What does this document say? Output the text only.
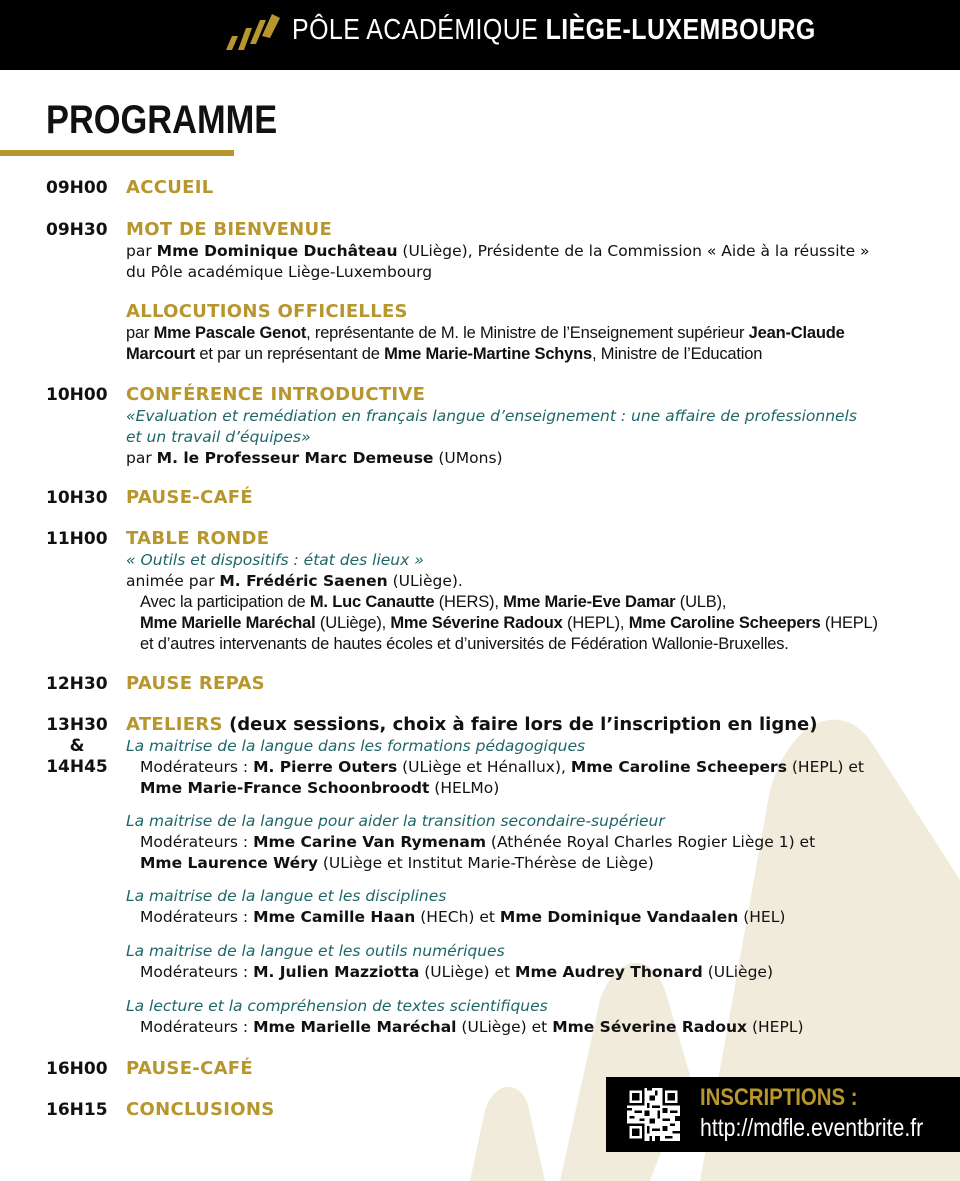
PÔLE ACADÉMIQUE LIÈGE-LUXEMBOURG
PROGRAMME
09H00 ACCUEIL
09H30 MOT DE BIENVENUE
par Mme Dominique Duchâteau (ULiège), Présidente de la Commission « Aide à la réussite »
du Pôle académique Liège-Luxembourg
ALLOCUTIONS OFFICIELLES
par Mme Pascale Genot, représentante de M. le Ministre de l’Enseignement supérieur Jean-Claude
Marcourt et par un représentant de Mme Marie-Martine Schyns, Ministre de l’Education
10H00 CONFÉRENCE INTRODUCTIVE
«Evaluation et remédiation en français langue d’enseignement : une affaire de professionnels
et un travail d’équipes»
par M. le Professeur Marc Demeuse (UMons)
10H30 PAUSE-CAFÉ
11H00 TABLE RONDE
« Outils et dispositifs : état des lieux »
animée par M. Frédéric Saenen (ULiège).
Avec la participation de M. Luc Canautte (HERS), Mme Marie-Eve Damar (ULB),
Mme Marielle Maréchal (ULiège), Mme Séverine Radoux (HEPL), Mme Caroline Scheepers (HEPL)
et d’autres intervenants de hautes écoles et d’universités de Fédération Wallonie-Bruxelles.
12H30 PAUSE REPAS
13H30
&
14H45
ATELIERS (deux sessions, choix à faire lors de l’inscription en ligne)
La maitrise de la langue dans les formations pédagogiques
Modérateurs : M. Pierre Outers (ULiège et Hénallux), Mme Caroline Scheepers (HEPL) et
Mme Marie-France Schoonbroodt (HELMo)
La maitrise de la langue pour aider la transition secondaire-supérieur
Modérateurs : Mme Carine Van Rymenam (Athénée Royal Charles Rogier Liège 1) et
Mme Laurence Wéry (ULiège et Institut Marie-Thérèse de Liège)
La maitrise de la langue et les disciplines
Modérateurs : Mme Camille Haan (HECh) et Mme Dominique Vandaalen (HEL)
La maitrise de la langue et les outils numériques
Modérateurs : M. Julien Mazziotta (ULiège) et Mme Audrey Thonard (ULiège)
La lecture et la compréhension de textes scientifiques
Modérateurs : Mme Marielle Maréchal (ULiège) et Mme Séverine Radoux (HEPL)
16H00 PAUSE-CAFÉ
16H15 CONCLUSIONS	INSCRIPTIONS :
http://mdfle.eventbrite.fr
